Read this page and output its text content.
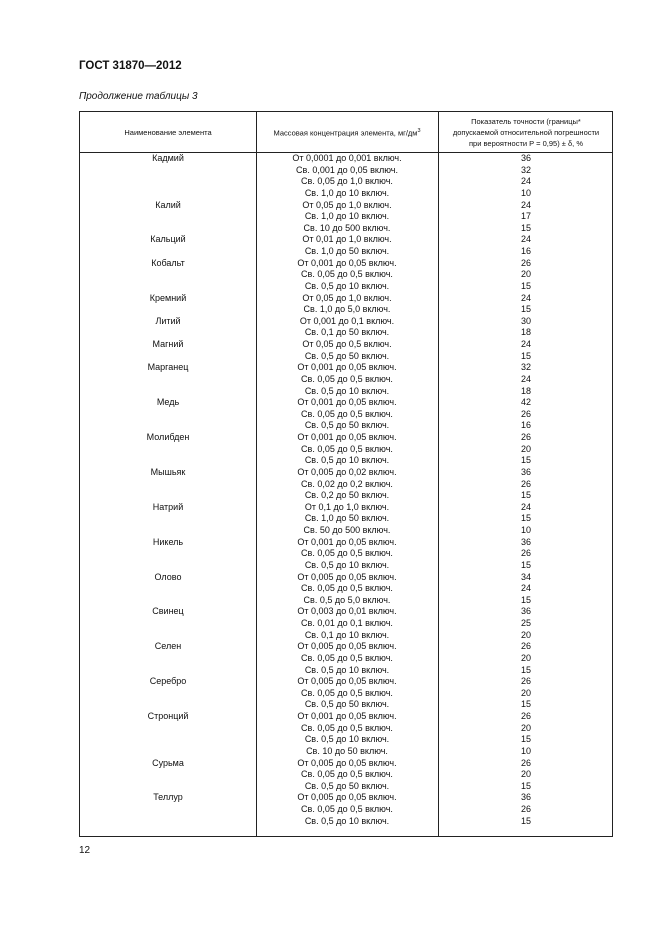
ГОСТ 31870—2012
Продолжение таблицы 3
Наименование элемента	Массовая концентрация элемента, $мг/дм^3$
Показатель точности (границы* допускаемой относительной погрешности при вероятности P = 0,95) ± δ, %
Кадмий	От 0,0001 до 0,001 включ.	36
Св. 0,001 до 0,05 включ.	32
Св. 0,05 до 1,0 включ.	24
Св. 1,0 до 10 включ.	10
Калий	От 0,05 до 1,0 включ.	24
Св. 1,0 до 10 включ.	17
Св. 10 до 500 включ.	15
Кальций	От 0,01 до 1,0 включ.	24
Св. 1,0 до 50 включ.	16
Кобальт	От 0,001 до 0,05 включ.	26
Св. 0,05 до 0,5 включ.	20
Св. 0,5 до 10 включ.	15
Кремний	От 0,05 до 1,0 включ.	24
Св. 1,0 до 5,0 включ.	15
Литий	От 0,001 до 0,1 включ.	30
Св. 0,1 до 50 включ.	18
Магний	От 0,05 до 0,5 включ.	24
Св. 0,5 до 50 включ.	15
Марганец	От 0,001 до 0,05 включ.	32
Св. 0,05 до 0,5 включ.	24
Св. 0,5 до 10 включ.	18
Медь	От 0,001 до 0,05 включ.	42
Св. 0,05 до 0,5 включ.	26
Св. 0,5 до 50 включ.	16
Молибден	От 0,001 до 0,05 включ.	26
Св. 0,05 до 0,5 включ.	20
Св. 0,5 до 10 включ.	15
Мышьяк	От 0,005 до 0,02 включ.	36
Св. 0,02 до 0,2 включ.	26
Св. 0,2 до 50 включ.	15
Натрий	От 0,1 до 1,0 включ.	24
Св. 1,0 до 50 включ.	15
Св. 50 до 500 включ.	10
Никель	От 0,001 до 0,05 включ.	36
Св. 0,05 до 0,5 включ.	26
Св. 0,5 до 10 включ.	15
Олово	От 0,005 до 0,05 включ.	34
Св. 0,05 до 0,5 включ.	24
Св. 0,5 до 5,0 включ.	15
Свинец	От 0,003 до 0,01 включ.	36
Св. 0,01 до 0,1 включ.	25
Св. 0,1 до 10 включ.	20
Селен	От 0,005 до 0,05 включ.	26
Св. 0,05 до 0,5 включ.	20
Св. 0,5 до 10 включ.	15
Серебро	От 0,005 до 0,05 включ.	26
Св. 0,05 до 0,5 включ.	20
Св. 0,5 до 50 включ.	15
Стронций	От 0,001 до 0,05 включ.	26
Св. 0,05 до 0,5 включ.	20
Св. 0,5 до 10 включ.	15
Св. 10 до 50 включ.	10
Сурьма	От 0,005 до 0,05 включ.	26
Св. 0,05 до 0,5 включ.	20
Св. 0,5 до 50 включ.	15
Теллур	От 0,005 до 0,05 включ.	36
Св. 0,05 до 0,5 включ.	26
Св. 0,5 до 10 включ.	15
12
